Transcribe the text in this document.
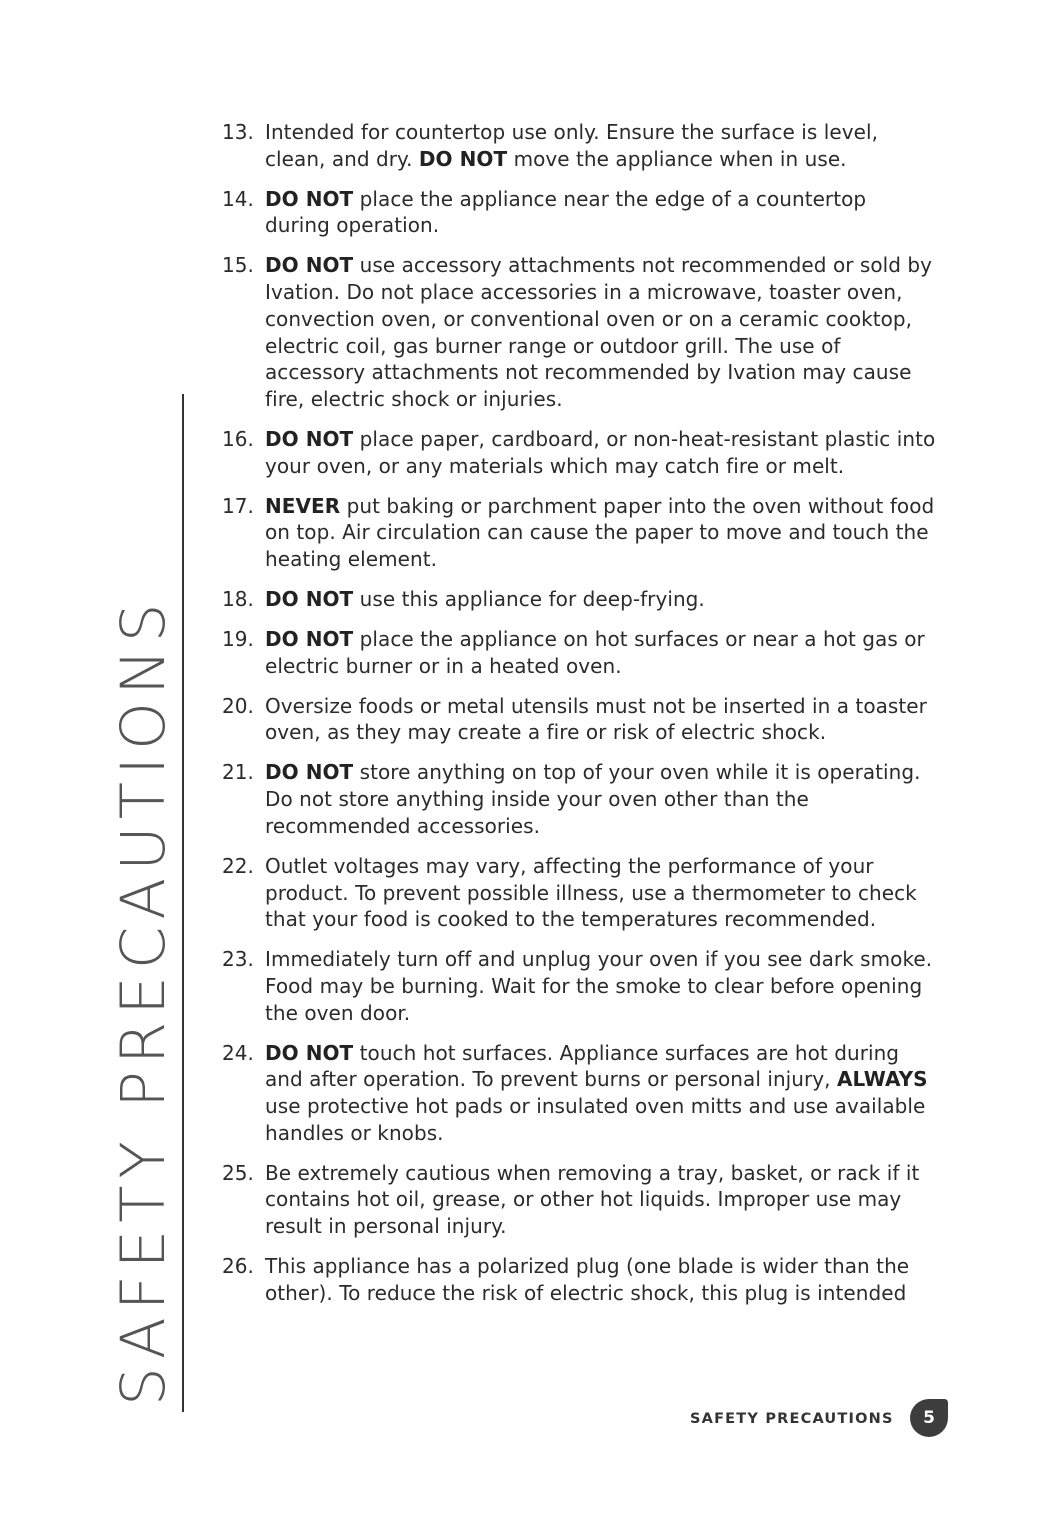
SAFETY PRECAUTIONS
13. Intended for countertop use only. Ensure the surface is level, clean, and dry. DO NOT move the appliance when in use.
14. DO NOT place the appliance near the edge of a countertop during operation.
15. DO NOT use accessory attachments not recommended or sold by Ivation. Do not place accessories in a microwave, toaster oven, convection oven, or conventional oven or on a ceramic cooktop, electric coil, gas burner range or outdoor grill. The use of accessory attachments not recommended by Ivation may cause fire, electric shock or injuries.
16. DO NOT place paper, cardboard, or non-heat-resistant plastic into your oven, or any materials which may catch fire or melt.
17. NEVER put baking or parchment paper into the oven without food on top. Air circulation can cause the paper to move and touch the heating element.
18. DO NOT use this appliance for deep-frying.
19. DO NOT place the appliance on hot surfaces or near a hot gas or electric burner or in a heated oven.
20. Oversize foods or metal utensils must not be inserted in a toaster oven, as they may create a fire or risk of electric shock.
21. DO NOT store anything on top of your oven while it is operating. Do not store anything inside your oven other than the recommended accessories.
22. Outlet voltages may vary, affecting the performance of your product. To prevent possible illness, use a thermometer to check that your food is cooked to the temperatures recommended.
23. Immediately turn off and unplug your oven if you see dark smoke. Food may be burning. Wait for the smoke to clear before opening the oven door.
24. DO NOT touch hot surfaces. Appliance surfaces are hot during and after operation. To prevent burns or personal injury, ALWAYS use protective hot pads or insulated oven mitts and use available handles or knobs.
25. Be extremely cautious when removing a tray, basket, or rack if it contains hot oil, grease, or other hot liquids. Improper use may result in personal injury.
26. This appliance has a polarized plug (one blade is wider than the other). To reduce the risk of electric shock, this plug is intended
SAFETY PRECAUTIONS	5
